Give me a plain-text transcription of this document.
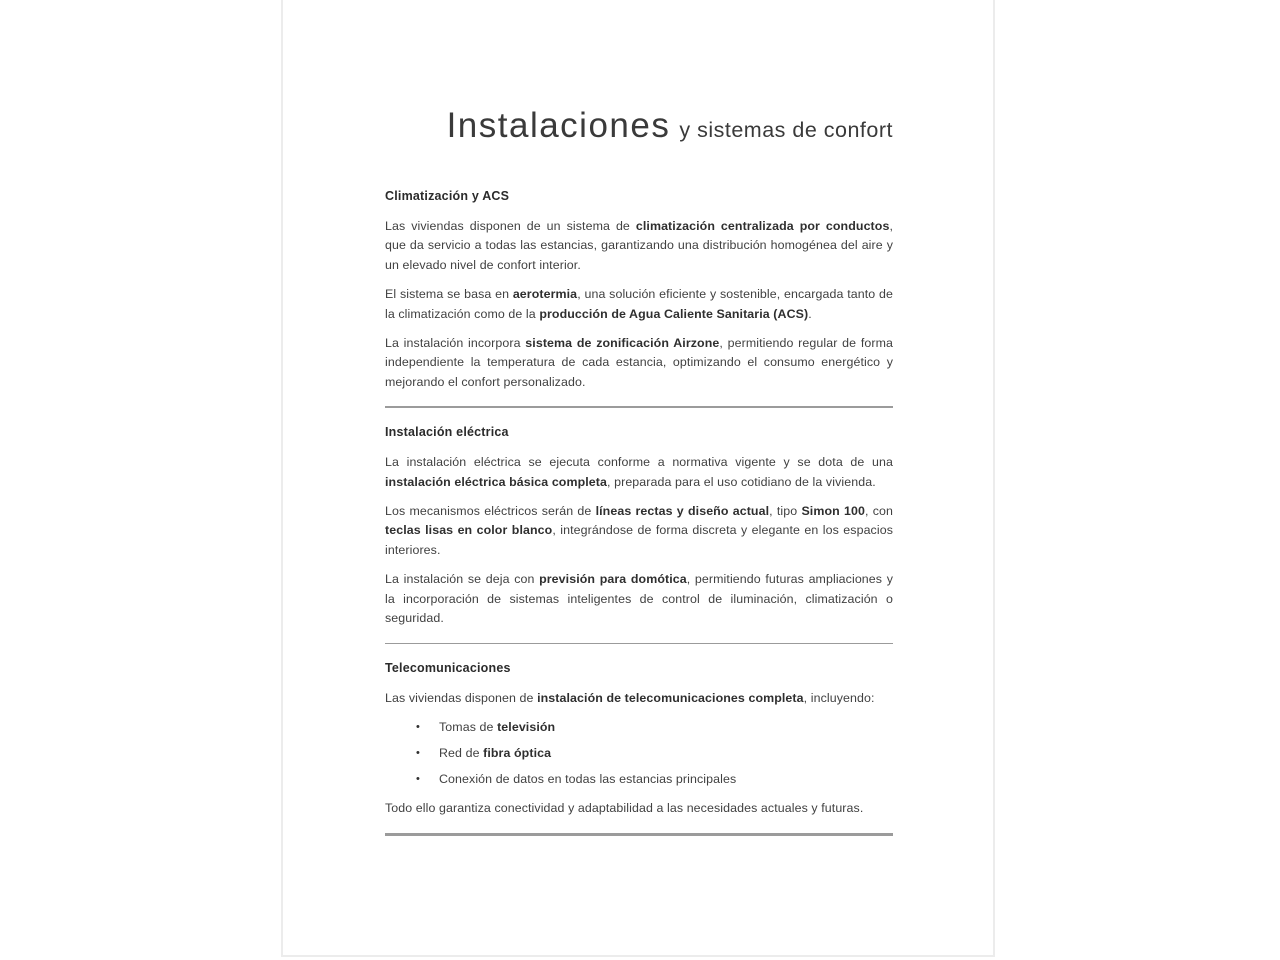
Instalaciones y sistemas de confort
Climatización y ACS

Las viviendas disponen de un sistema de climatización centralizada por conductos, que da servicio a todas las estancias, garantizando una distribución homogénea del aire y un elevado nivel de confort interior.

El sistema se basa en aerotermia, una solución eficiente y sostenible, encargada tanto de la climatización como de la producción de Agua Caliente Sanitaria (ACS).

La instalación incorpora sistema de zonificación Airzone, permitiendo regular de forma independiente la temperatura de cada estancia, optimizando el consumo energético y mejorando el confort personalizado.

Instalación eléctrica

La instalación eléctrica se ejecuta conforme a normativa vigente y se dota de una instalación eléctrica básica completa, preparada para el uso cotidiano de la vivienda.

Los mecanismos eléctricos serán de líneas rectas y diseño actual, tipo Simon 100, con teclas lisas en color blanco, integrándose de forma discreta y elegante en los espacios interiores.

La instalación se deja con previsión para domótica, permitiendo futuras ampliaciones y la incorporación de sistemas inteligentes de control de iluminación, climatización o seguridad.

Telecomunicaciones

Las viviendas disponen de instalación de telecomunicaciones completa, incluyendo:

•	Tomas de televisión
•	Red de fibra óptica
•	Conexión de datos en todas las estancias principales

Todo ello garantiza conectividad y adaptabilidad a las necesidades actuales y futuras.
